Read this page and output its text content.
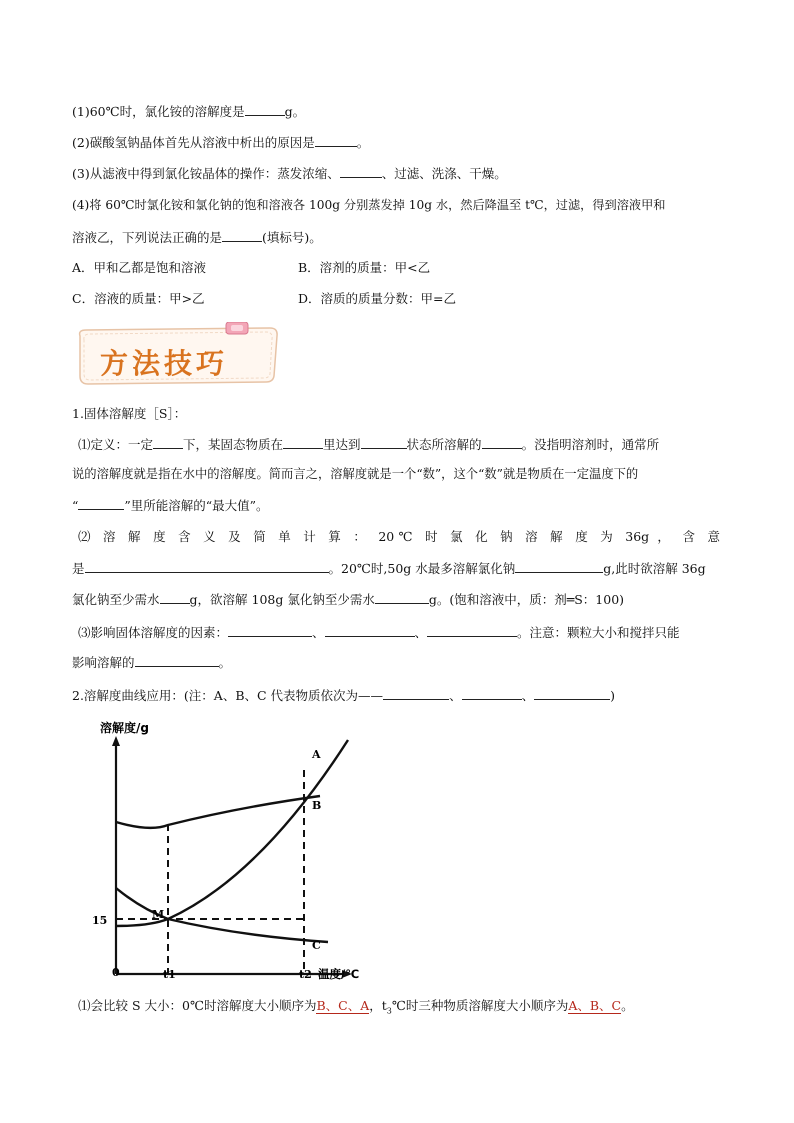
(1)60℃时，氯化铵的溶解度是	g。
(2)碳酸氢钠晶体首先从溶液中析出的原因是	。
(3)从滤液中得到氯化铵晶体的操作：蒸发浓缩、	、过滤、洗涤、干燥。
(4)将 60℃时氯化铵和氯化钠的饱和溶液各 100g 分别蒸发掉 10g 水，然后降温至 t℃，过滤，得到溶液甲和
溶液乙，下列说法正确的是	(填标号)。
A．甲和乙都是饱和溶液	B．溶剂的质量：甲<乙
C．溶液的质量：甲>乙	D．溶质的质量分数：甲=乙
方法技巧
1.固体溶解度［S］：
⑴定义：一定 下，某固态物质在	里达到	状态所溶解的	。没指明溶剂时，通常所
说的溶解度就是指在水中的溶解度。简而言之，溶解度就是一个“数”，这个“数”就是物质在一定温度下的
“	”里所能溶解的“最大值”。
⑵ 溶 解 度 含 义 及 简 单 计 算 ： 20℃ 时 氯 化 钠 溶 解 度 为 36g ， 含 意
是	。20℃时,50g 水最多溶解氯化钠	g,此时欲溶解 36g
氯化钠至少需水 g，欲溶解 108g 氯化钠至少需水	g。(饱和溶液中，质：剂═S：100)
⑶影响固体溶解度的因素：	、	、	。注意：颗粒大小和搅拌只能
影响溶解的	。
2.溶解度曲线应用：(注：A、B、C 代表物质依次为——	、	、	)
溶解度/g
温度/℃
0
15
A
B
C
M
t1	t2
⑴会比较 S 大小：0℃时溶解度大小顺序为B、C、A，$t_3℃$时三种物质溶解度大小顺序为A、B、C。
